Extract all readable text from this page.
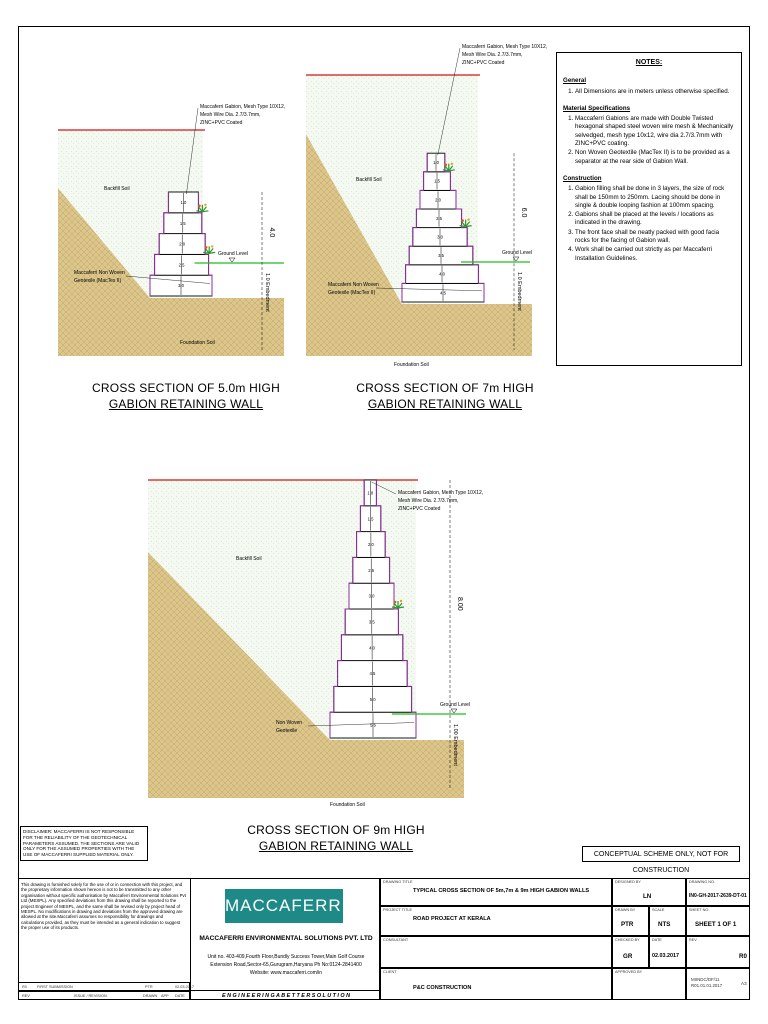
3.0
2.5
2.0
1.5
1.0
Ground Level
4.0
1.0 Embedment
Backfill Soil
Foundation Soil
Maccaferri Non Woven
Geotexile (MacTex II)
Maccaferri Gabion, Mesh Type 10X12,
Mesh Wire Dia. 2.7/3.7mm,
ZINC+PVC Coated
4.5
4.0
3.5
3.0
2.5
2.0
1.5
1.0
Ground Level
6.0
1.0 Embedment
Backfill Soil
Foundation Soil
Maccaferri Non Woven
Geotexile (MacTex II)
Maccaferri Gabion, Mesh Type 10X12,
Mesh Wire Dia. 2.7/3.7mm,
ZINC+PVC Coated
5.5
5.0
4.5
4.0
3.5
3.0
2.5
2.0
1.5
1.0
Ground Level
8.00
1.00 Embedment
Backfill Soil
Foundation Soil
Non Woven
Geotexile
Maccaferri Gabion, Mesh Type 10X12,
Mesh Wire Dia. 2.7/3.7mm,
ZINC+PVC Coated
CROSS SECTION OF 5.0m HIGH
GABION RETAINING WALL
CROSS SECTION OF 7m HIGH
GABION RETAINING WALL
CROSS SECTION OF 9m HIGH
GABION RETAINING WALL
NOTES:
General
1. All Dimensions are in meters unless otherwise specified.
Material Specifications
1. Maccaferri Gabions are made with Double Twisted hexagonal shaped steel woven wire mesh & Mechanically selvedged, mesh type 10x12, wire dia 2.7/3.7mm with ZINC+PVC coating.
2. Non Woven Geotextile (MacTex II) is to be provided as a separator at the rear side of Gabion Wall.
Construction
1. Gabion filling shall be done in 3 layers, the size of rock shall be 150mm to 250mm. Lacing should be done in single & double looping fashion at 100mm spacing.
2. Gabions shall be placed at the levels / locations as indicated in the drawing.
3. The front face shall be neatly packed with good facia rocks for the facing of Gabion wall.
4. Work shall be carried out strictly as per Maccaferri Installation Guidelines.
DISCLAIMER: MACCAFERRI IS NOT RESPONSIBLE FOR THE RELIABILITY OF THE GEOTECHNICAL PARAMETERS ASSUMED. THE SECTIONS ARE VALID ONLY FOR THE ASSUMED PROPERTIES WITH THE USE OF MACCAFERRI SUPPLIED MATERIAL ONLY.	CONCEPTUAL SCHEME ONLY, NOT FOR CONSTRUCTION
This drawing is furnished solely for the use of or in connection with this project, and the proprietary information shown hereon is not to be transmitted to any other organisation without specific authorisation by Maccaferri Environmental Solutions Pvt Ltd (MESPL). Any specified deviations from this drawing shall be reported to the project Engineer of MESPL, and the same shall be revised only by project head of MESPL. No modifications in drawing and deviations from the approved drawing are allowed at the site.Maccaferri assumes no responsibility for drawings and calculations provided, as they must be intended as a general indication to suggest the proper use of its products.
R0	FIRST SUBMISSION	PTR	02.03.2017
REV	ISSUE / REVISION	DRAWN APP DATE
MACCAFERRI
MACCAFERRI ENVIRONMENTAL SOLUTIONS PVT. LTD
Unit no. 403-409,Fourth Floor,Bundly Success Tower,Main Golf Course
Extension Road,Sector-65,Gurugram,Haryana Ph No:0124-2841400
Website: www.maccaferri.com/in
E N G I N E E R I N G A B E T T E R S O L U T I O N
DRAWING TITLE
TYPICAL CROSS SECTION OF 5m,7m & 9m HIGH GABION WALLS
PROJECT TITLE
ROAD PROJECT AT KERALA
CONSULTANT
CLIENT
P&C CONSTRUCTION
DESIGNED BY
LN
DRAWING NO.
IN0-GH-2017-2639-DT-01
DRAWN BY
PTR
SCALE
NTS
SHEET NO.
SHEET 1 OF 1
CHECKED BY
GR
DATE
02.03.2017
REV
R0
APPROVED BY
MIINDC/DF/11
R01.01.01.2017	A3
